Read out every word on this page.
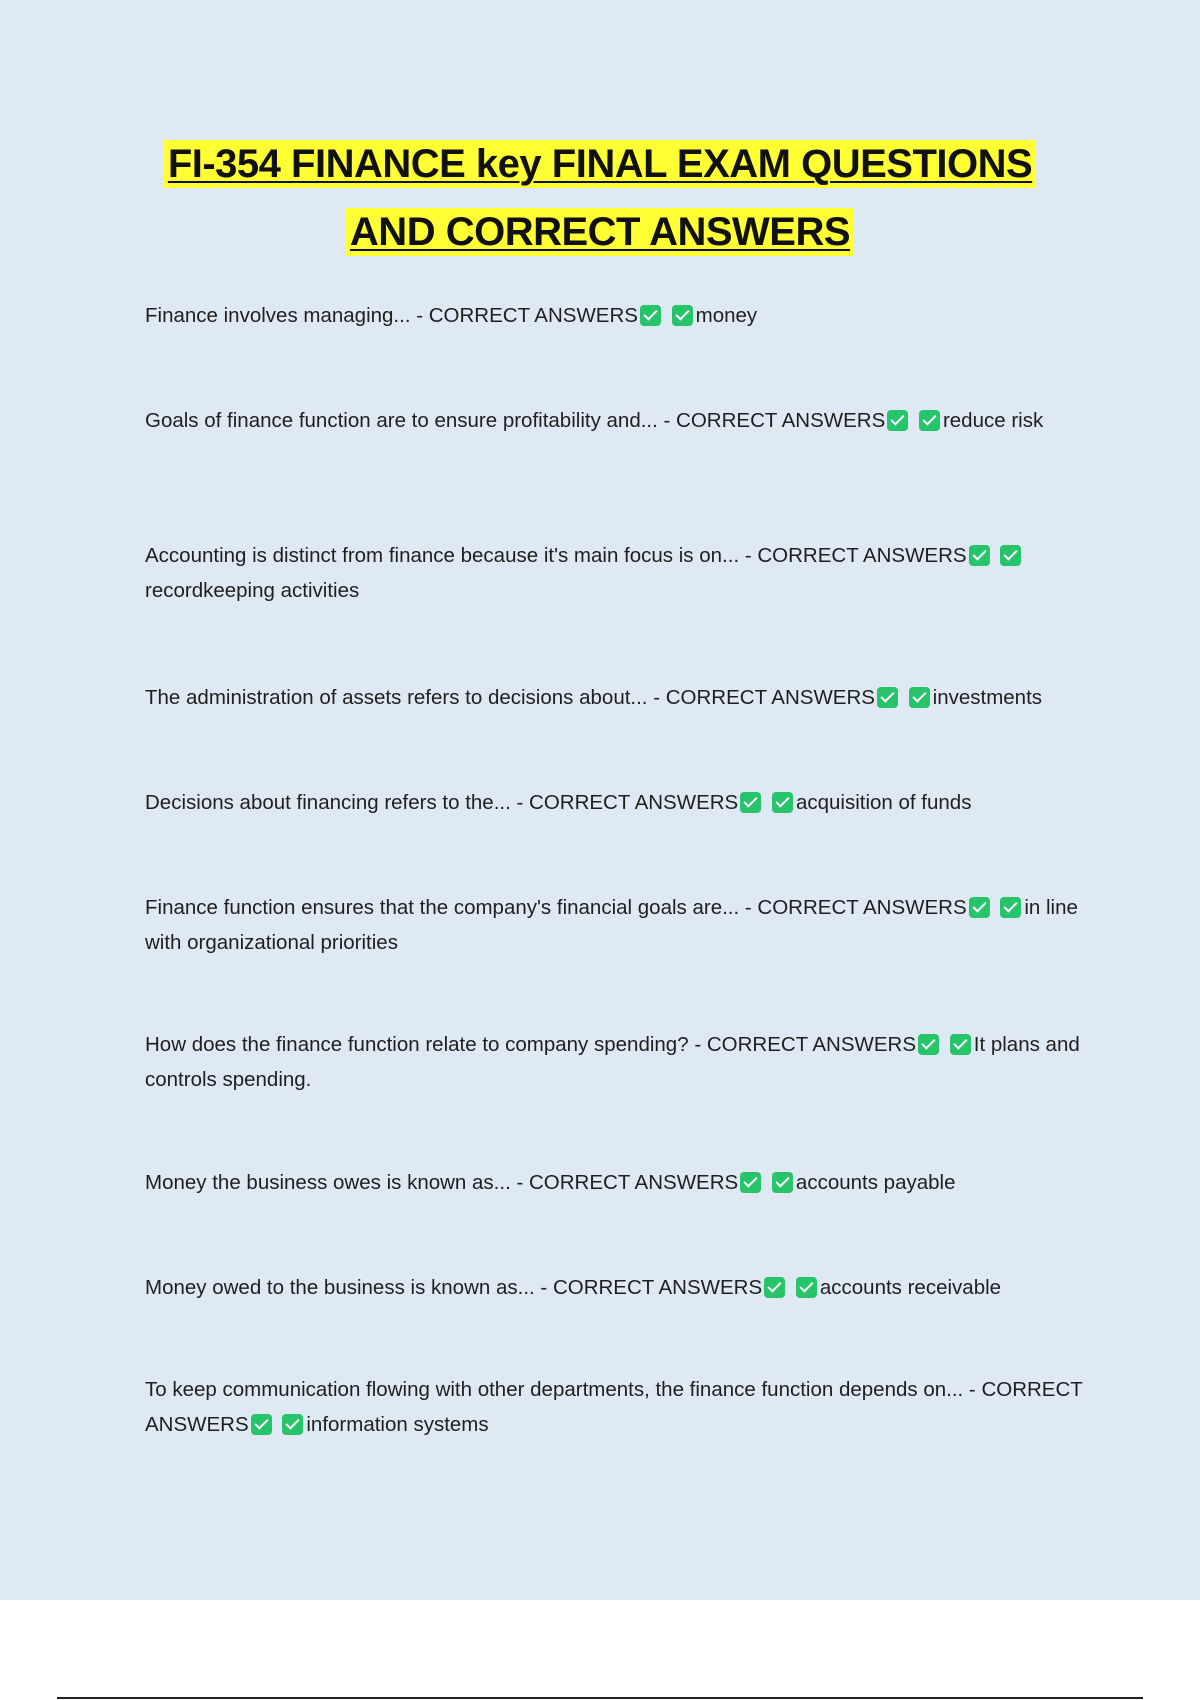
FI-354 FINANCE key FINAL EXAM QUESTIONS
AND CORRECT ANSWERS

Finance involves managing... - CORRECT ANSWERS	money

Goals of finance function are to ensure profitability and... - CORRECT ANSWERS	reduce risk

Accounting is distinct from finance because it's main focus is on... - CORRECT ANSWERS recordkeeping activities

The administration of assets refers to decisions about... - CORRECT ANSWERS	investments

Decisions about financing refers to the... - CORRECT ANSWERS	acquisition of funds

Finance function ensures that the company's financial goals are... - CORRECT ANSWERS	in line with organizational priorities

How does the finance function relate to company spending? - CORRECT ANSWERS	It plans and controls spending.

Money the business owes is known as... - CORRECT ANSWERS	accounts payable

Money owed to the business is known as... - CORRECT ANSWERS	accounts receivable

To keep communication flowing with other departments, the finance function depends on... - CORRECT ANSWERS	information systems
